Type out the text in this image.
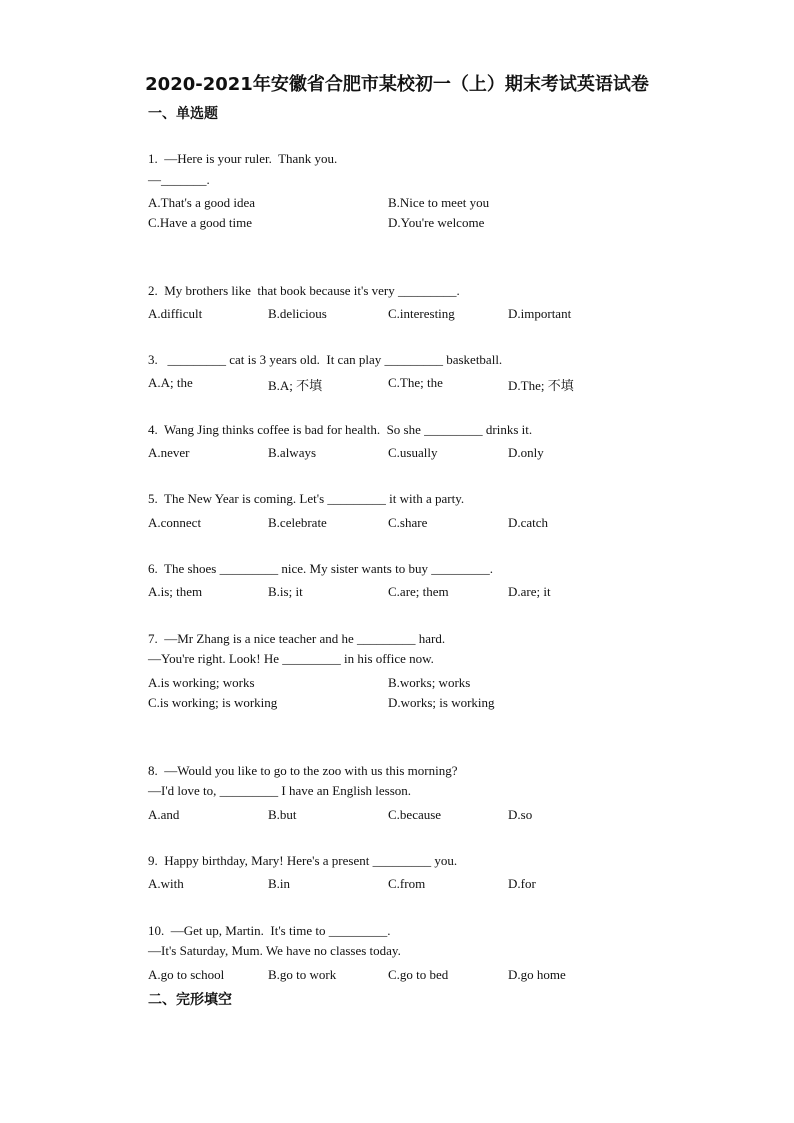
2020-2021年安徽省合肥市某校初一（上）期末考试英语试卷
一、单选题
1.  —Here is your ruler.  Thank you.
—_______.
A.That's a good idea	B.Nice to meet you
C.Have a good time	D.You're welcome
2.  My brothers like  that book because it's very _________.
A.difficult	B.delicious	C.interesting	D.important
3.   _________ cat is 3 years old.  It can play _________ basketball.
A.A; the	B.A; 不填	C.The; the	D.The; 不填
4.  Wang Jing thinks coffee is bad for health.  So she _________ drinks it.
A.never	B.always	C.usually	D.only
5.  The New Year is coming. Let's _________ it with a party.
A.connect	B.celebrate	C.share	D.catch
6.  The shoes _________ nice. My sister wants to buy _________.
A.is; them	B.is; it	C.are; them	D.are; it
7.  —Mr Zhang is a nice teacher and he _________ hard.
—You're right. Look! He _________ in his office now.
A.is working; works	B.works; works
C.is working; is working	D.works; is working
8.  —Would you like to go to the zoo with us this morning?
—I'd love to, _________ I have an English lesson.
A.and	B.but	C.because	D.so
9.  Happy birthday, Mary! Here's a present _________ you.
A.with	B.in	C.from	D.for
10.  —Get up, Martin.  It's time to _________.
—It's Saturday, Mum. We have no classes today.
A.go to school	B.go to work	C.go to bed	D.go home
二、完形填空
